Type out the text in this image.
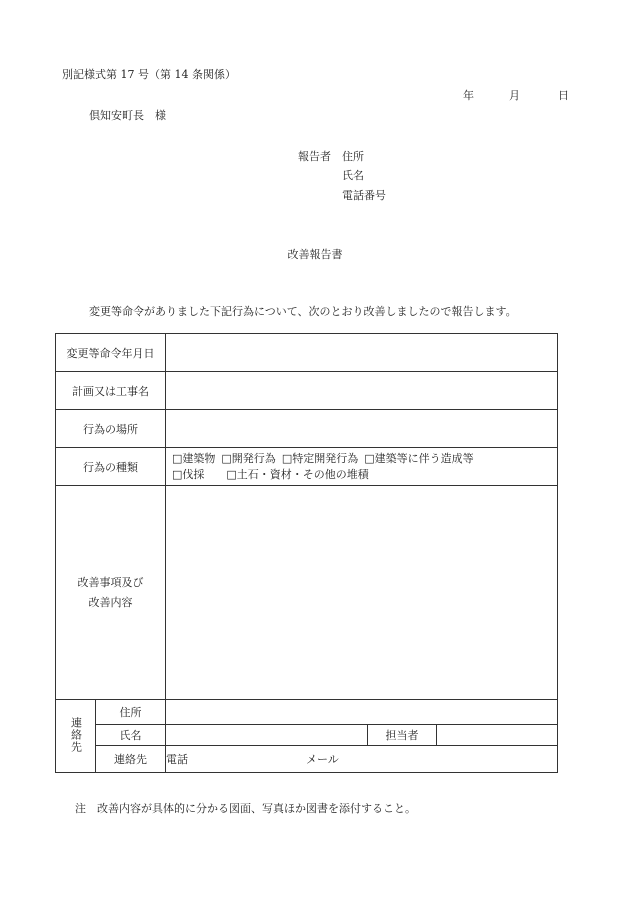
別記様式第 17 号（第 14 条関係）
年	月	日
倶知安町長　様
報告者 住所
氏名
電話番号
改善報告書
変更等命令がありました下記行為について、次のとおり改善しましたので報告します。
変更等命令年月日				
計画又は工事名				
行為の場所				
行為の種類		□建築物 □開発行為 □特定開発行為 □建築等に伴う造成等
□伐採 □土石・資材・その他の堆積		

改善事項及び
改善内容				

連絡先	住所			
	氏名		担当者	
	連絡先	電話 メール		
注　改善内容が具体的に分かる図面、写真ほか図書を添付すること。
